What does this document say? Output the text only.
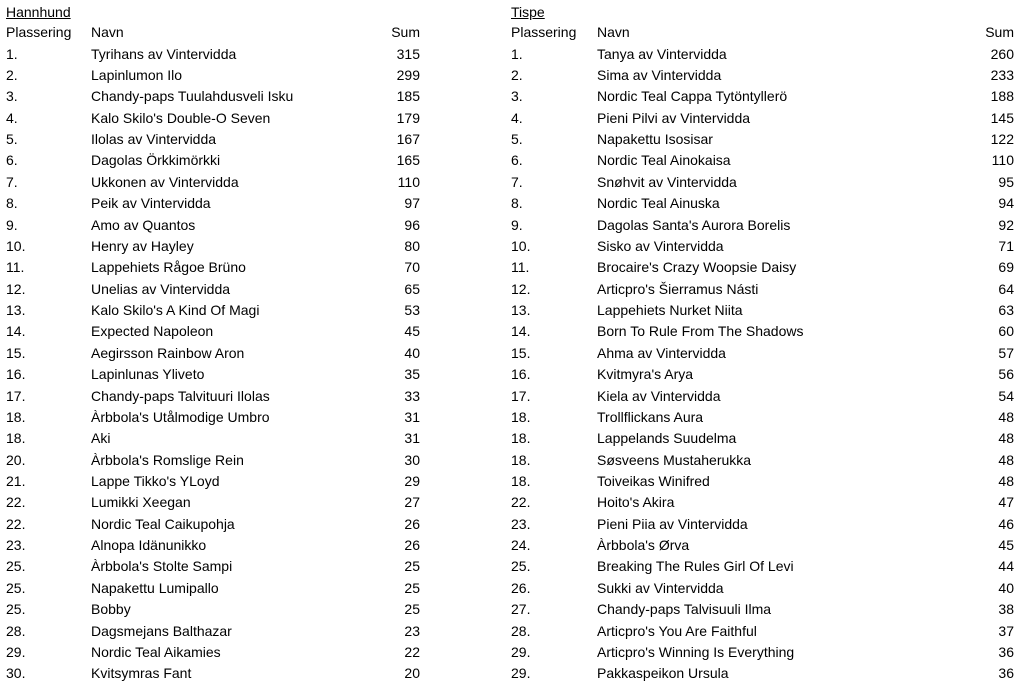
Hannhund
Plassering Navn	Sum
1.	Tyrihans av Vintervidda	315
2.	Lapinlumon Ilo	299
3.	Chandy-paps Tuulahdusveli Isku	185
4.	Kalo Skilo's Double-O Seven	179
5.	Ilolas av Vintervidda	167
6.	Dagolas Örkkimörkki	165
7.	Ukkonen av Vintervidda	110
8.	Peik av Vintervidda	97
9.	Amo av Quantos	96
10.	Henry av Hayley	80
11.	Lappehiets Rågoe Brüno	70
12.	Unelias av Vintervidda	65
13.	Kalo Skilo's A Kind Of Magi	53
14.	Expected Napoleon	45
15.	Aegirsson Rainbow Aron	40
16.	Lapinlunas Yliveto	35
17.	Chandy-paps Talvituuri Ilolas	33
18.	Àrbbola's Utålmodige Umbro	31
18.	Aki	31
20.	Àrbbola's Romslige Rein	30
21.	Lappe Tikko's YLoyd	29
22.	Lumikki Xeegan	27
22.	Nordic Teal Caikupohja	26
23.	Alnopa Idänunikko	26
25.	Àrbbola's Stolte Sampi	25
25.	Napakettu Lumipallo	25
25.	Bobby	25
28.	Dagsmejans Balthazar	23
29.	Nordic Teal Aikamies	22
30.	Kvitsymras Fant	20
Tispe
Plassering Navn	Sum
1.	Tanya av Vintervidda	260
2.	Sima av Vintervidda	233
3.	Nordic Teal Cappa Tytöntyllerö	188
4.	Pieni Pilvi av Vintervidda	145
5.	Napakettu Isosisar	122
6.	Nordic Teal Ainokaisa	110
7.	Snøhvit av Vintervidda	95
8.	Nordic Teal Ainuska	94
9.	Dagolas Santa's Aurora Borelis	92
10.	Sisko av Vintervidda	71
11.	Brocaire's Crazy Woopsie Daisy	69
12.	Articpro's Šierramus Násti	64
13.	Lappehiets Nurket Niita	63
14.	Born To Rule From The Shadows	60
15.	Ahma av Vintervidda	57
16.	Kvitmyra's Arya	56
17.	Kiela av Vintervidda	54
18.	Trollflickans Aura	48
18.	Lappelands Suudelma	48
18.	Søsveens Mustaherukka	48
18.	Toiveikas Winifred	48
22.	Hoito's Akira	47
23.	Pieni Piia av Vintervidda	46
24.	Àrbbola's Ørva	45
25.	Breaking The Rules Girl Of Levi	44
26.	Sukki av Vintervidda	40
27.	Chandy-paps Talvisuuli Ilma	38
28.	Articpro's You Are Faithful	37
29.	Articpro's Winning Is Everything	36
29.	Pakkaspeikon Ursula	36
